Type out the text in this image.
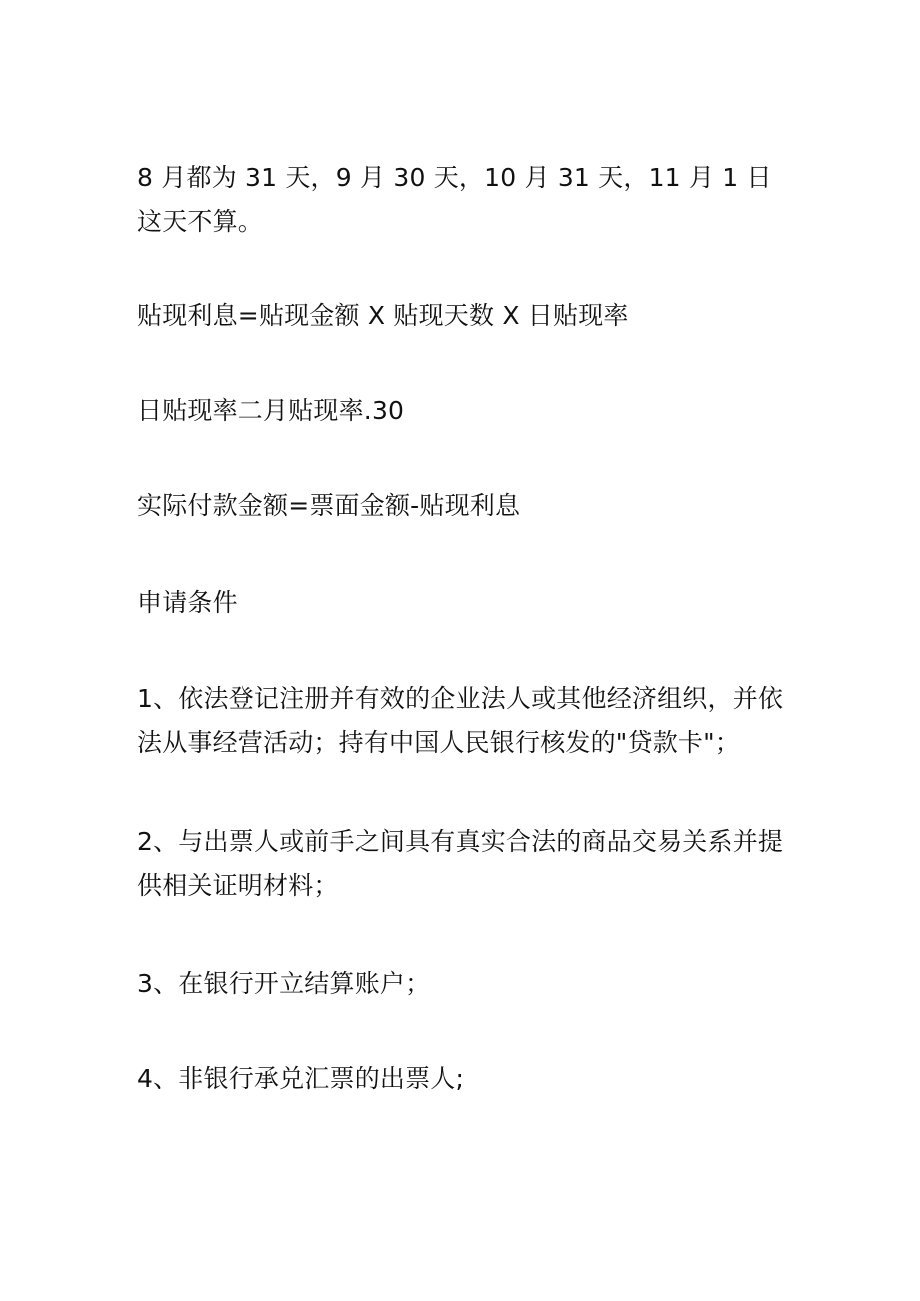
8 月都为 31 天，9 月 30 天，10 月 31 天，11 月 1 日这天不算。

贴现利息=贴现金额 X 贴现天数 X 日贴现率

日贴现率二月贴现率.30

实际付款金额=票面金额-贴现利息

申请条件

1、依法登记注册并有效的企业法人或其他经济组织，并依法从事经营活动；持有中国人民银行核发的"贷款卡"；

2、与出票人或前手之间具有真实合法的商品交易关系并提供相关证明材料；

3、在银行开立结算账户；

4、非银行承兑汇票的出票人;
